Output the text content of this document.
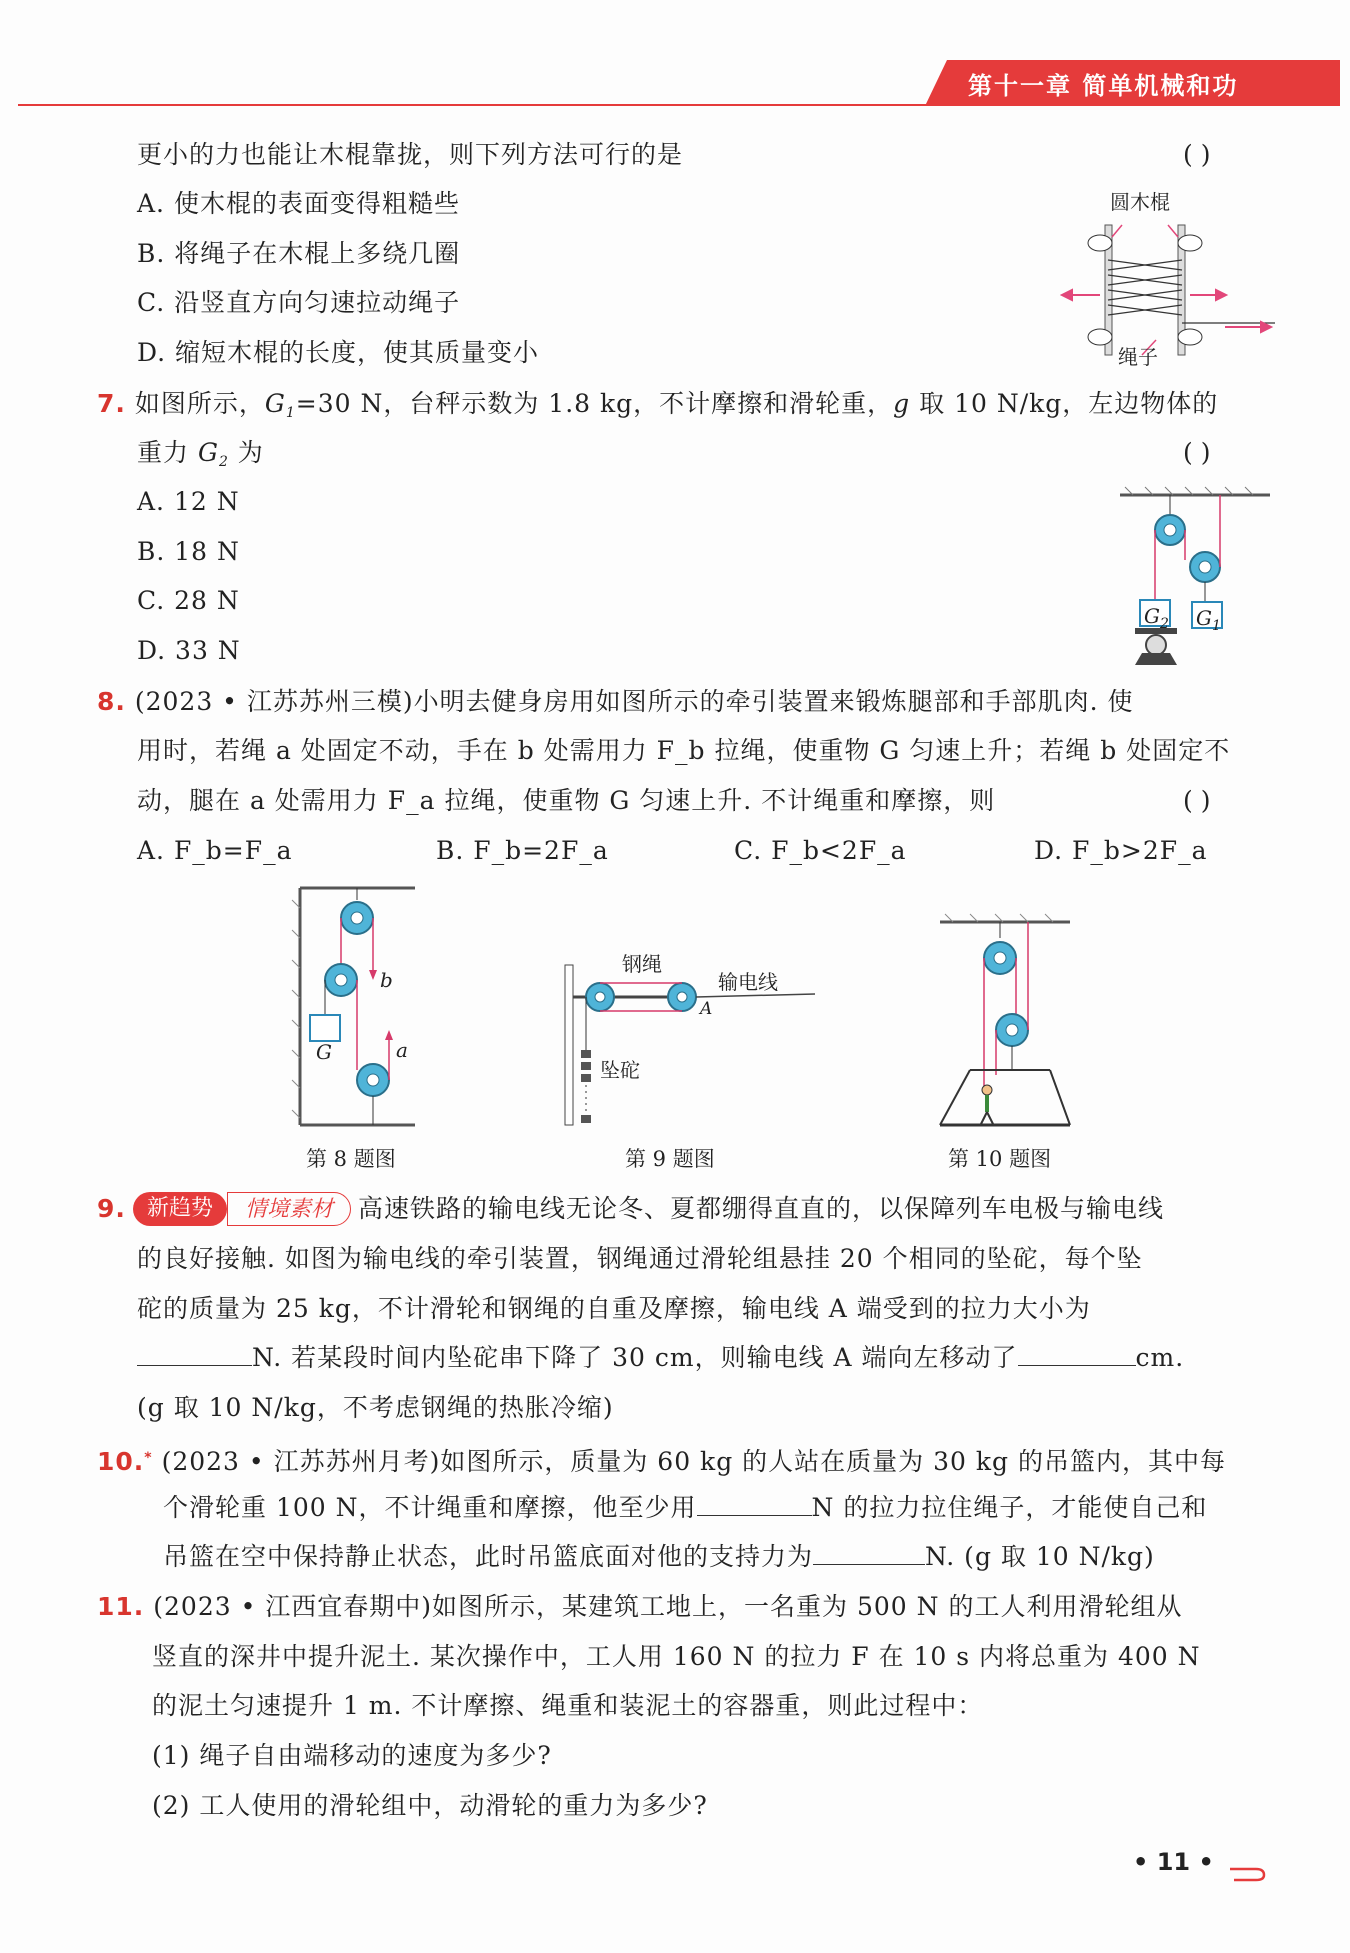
第十一章 简单机械和功
更小的力也能让木棍靠拢，则下列方法可行的是	( )
A. 使木棍的表面变得粗糙些
B. 将绳子在木棍上多绕几圈
C. 沿竖直方向匀速拉动绳子
D. 缩短木棍的长度，使其质量变小
圆木棍
绳子
7. 如图所示，$G_1=30$ N，台秤示数为 1.8 kg，不计摩擦和滑轮重，g 取 10 N/kg，左边物体的
重力 $G_2$ 为	( )
A. 12 N
B. 18 N
C. 28 N
D. 33 N
$G_2$ $G_1$
8. (2023 • 江苏苏州三模)小明去健身房用如图所示的牵引装置来锻炼腿部和手部肌肉. 使
用时，若绳 a 处固定不动，手在 b 处需用力 F_b 拉绳，使重物 G 匀速上升；若绳 b 处固定不
动，腿在 a 处需用力 F_a 拉绳，使重物 G 匀速上升. 不计绳重和摩擦，则	( )
A. F_b=F_a	B. F_b=2F_a	C. F_b<2F_a	D. F_b>2F_a
G
b
a
第 8 题图
钢绳
输电线
A
坠砣
第 9 题图	第 10 题图
9. 新趋势	情境素材	高速铁路的输电线无论冬、夏都绷得直直的，以保障列车电极与输电线
的良好接触. 如图为输电线的牵引装置，钢绳通过滑轮组悬挂 20 个相同的坠砣，每个坠
砣的质量为 25 kg，不计滑轮和钢绳的自重及摩擦，输电线 A 端受到的拉力大小为
N. 若某段时间内坠砣串下降了 30 cm，则输电线 A 端向左移动了	cm.
(g 取 10 N/kg，不考虑钢绳的热胀冷缩)
10.* (2023 • 江苏苏州月考)如图所示，质量为 60 kg 的人站在质量为 30 kg 的吊篮内，其中每
个滑轮重 100 N，不计绳重和摩擦，他至少用	N 的拉力拉住绳子，才能使自己和
吊篮在空中保持静止状态，此时吊篮底面对他的支持力为	N. (g 取 10 N/kg)
11. (2023 • 江西宜春期中)如图所示，某建筑工地上，一名重为 500 N 的工人利用滑轮组从
竖直的深井中提升泥土. 某次操作中，工人用 160 N 的拉力 F 在 10 s 内将总重为 400 N
的泥土匀速提升 1 m. 不计摩擦、绳重和装泥土的容器重，则此过程中：
(1) 绳子自由端移动的速度为多少?
(2) 工人使用的滑轮组中，动滑轮的重力为多少?
• 11 •
